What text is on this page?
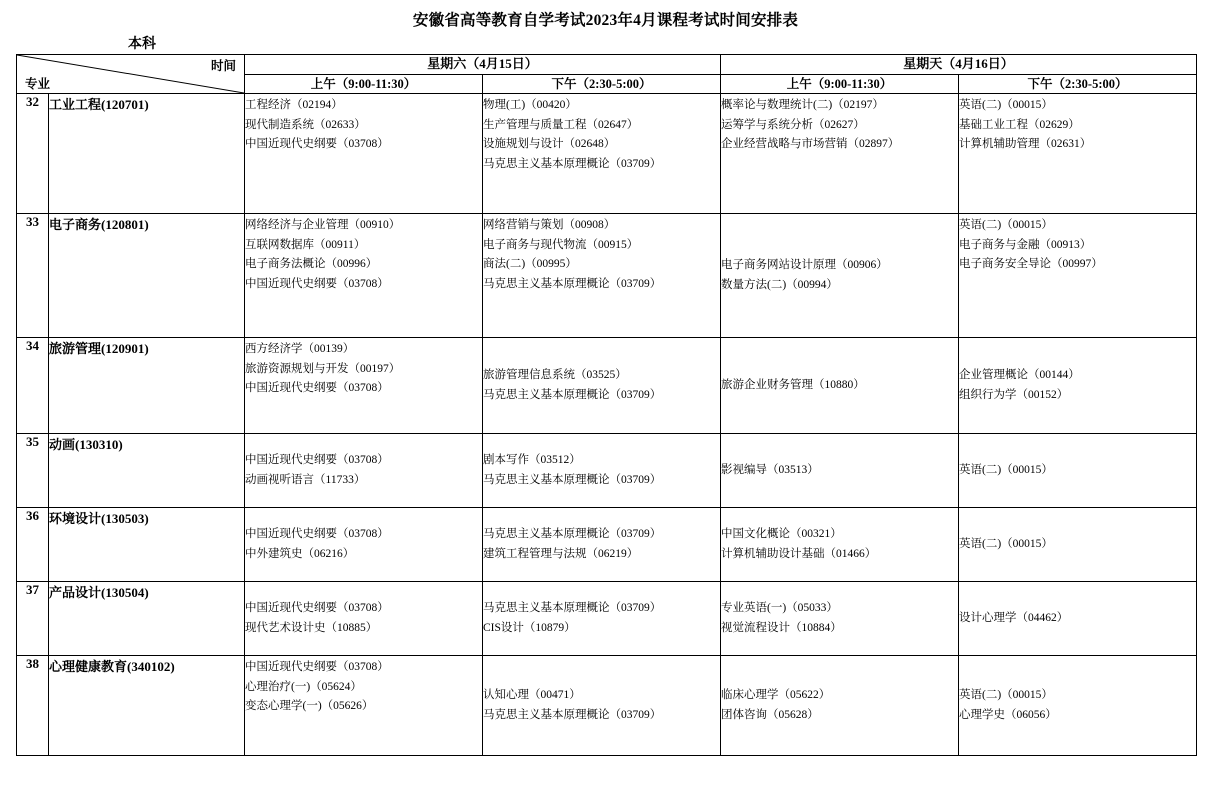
安徽省高等教育自学考试2023年4月课程考试时间安排表
本科
专业
时间		星期六（4月15日）		星期天（4月16日）	
		上午（9:00-11:30）	下午（2:30-5:00）	上午（9:00-11:30）	下午（2:30-5:00）
32	工业工程(120701)	工程经济（02194）
现代制造系统（02633）
中国近现代史纲要（03708）

物理(工)（00420）
生产管理与质量工程（02647）
设施规划与设计（02648）
马克思主义基本原理概论（03709）

概率论与数理统计(二)（02197）
运筹学与系统分析（02627）
企业经营战略与市场营销（02897）

英语(二)（00015）
基础工业工程（02629）
计算机辅助管理（02631）

33	电子商务(120801)	网络经济与企业管理（00910）
互联网数据库（00911）
电子商务法概论（00996）
中国近现代史纲要（03708）

网络营销与策划（00908）
电子商务与现代物流（00915）
商法(二)（00995）
马克思主义基本原理概论（03709）

电子商务网站设计原理（00906）
数量方法(二)（00994）

英语(二)（00015）
电子商务与金融（00913）
电子商务安全导论（00997）

34	旅游管理(120901)	西方经济学（00139）
旅游资源规划与开发（00197）
中国近现代史纲要（03708）

旅游管理信息系统（03525）
马克思主义基本原理概论（03709）

旅游企业财务管理（10880）

企业管理概论（00144）
组织行为学（00152）

35	动画(130310)	
中国近现代史纲要（03708）
动画视听语言（11733）

剧本写作（03512）
马克思主义基本原理概论（03709）

影视编导（03513）	英语(二)（00015）

36	环境设计(130503)	
中国近现代史纲要（03708）
中外建筑史（06216）

马克思主义基本原理概论（03709）
建筑工程管理与法规（06219）

中国文化概论（00321）
计算机辅助设计基础（01466）

英语(二)（00015）

37	产品设计(130504)	
中国近现代史纲要（03708）
现代艺术设计史（10885）

马克思主义基本原理概论（03709）
CIS设计（10879）

专业英语(一)（05033）
视觉流程设计（10884）

设计心理学（04462）

38	心理健康教育(340102)	中国近现代史纲要（03708）
心理治疗(一)（05624）
变态心理学(一)（05626）

认知心理（00471）
马克思主义基本原理概论（03709）

临床心理学（05622）
团体咨询（05628）

英语(二)（00015）
心理学史（06056）
